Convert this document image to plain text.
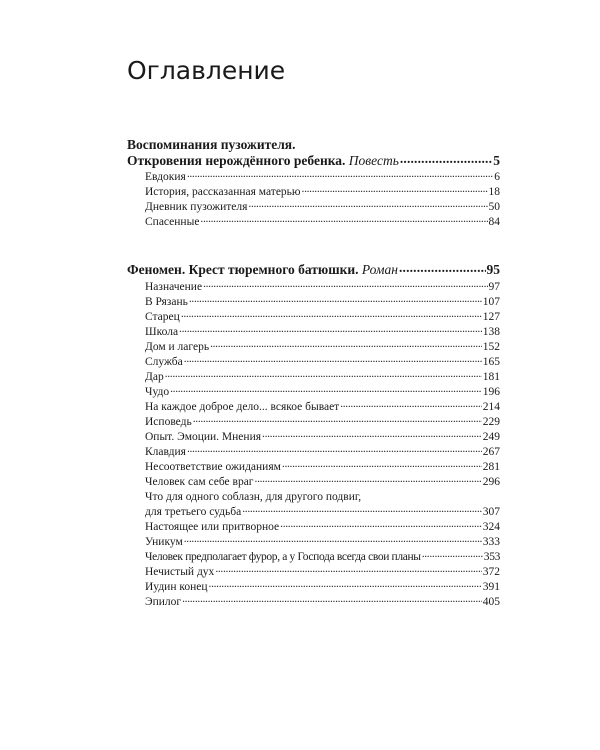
Оглавление
Воспоминания пузожителя.
Откровения нерождённого ребенка. Повесть . . .	5
Евдокия . . .	6
История, рассказанная матерью . . .	18
Дневник пузожителя . . .	50
Спасенные . . .	84
Феномен. Крест тюремного батюшки. Роман . . .	95
Назначение . . .	97
В Рязань . . .	107
Старец . . .	127
Школа . . .	138
Дом и лагерь . . .	152
Служба . . .	165
Дар . . .	181
Чудо . . .	196
На каждое доброе дело... всякое бывает . . .	214
Исповедь . . .	229
Опыт. Эмоции. Мнения . . .	249
Клавдия . . .	267
Несоответствие ожиданиям . . .	281
Человек сам себе враг . . .	296
Что для одного соблазн, для другого подвиг,
для третьего судьба . . .	307
Настоящее или притворное . . .	324
Уникум . . .	333
Человек предполагает фурор, а у Господа всегда свои планы . . .	353
Нечистый дух . . .	372
Иудин конец . . .	391
Эпилог . . .	405
